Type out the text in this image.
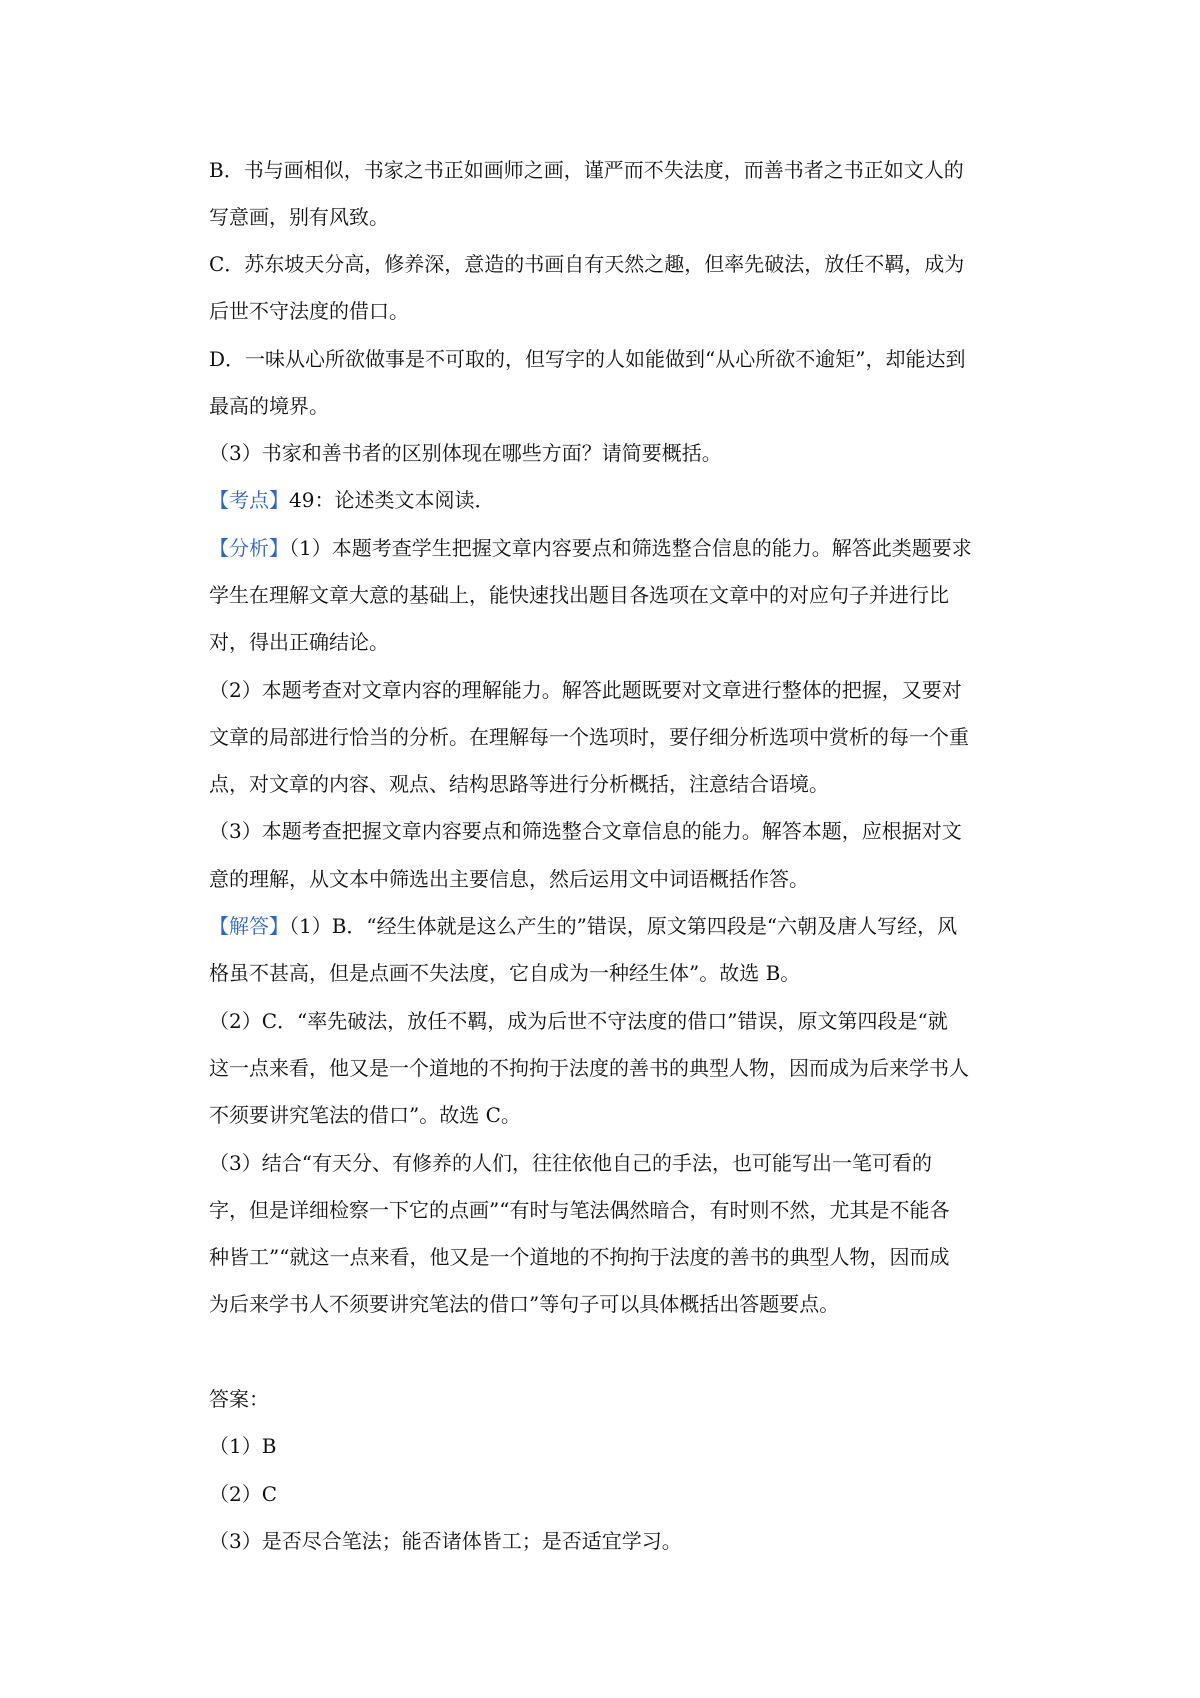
B．书与画相似，书家之书正如画师之画，谨严而不失法度，而善书者之书正如文人的
写意画，别有风致。
C．苏东坡天分高，修养深，意造的书画自有天然之趣，但率先破法，放任不羁，成为
后世不守法度的借口。
D．一味从心所欲做事是不可取的，但写字的人如能做到“从心所欲不逾矩”，却能达到
最高的境界。
（3）书家和善书者的区别体现在哪些方面？请简要概括。
【考点】49：论述类文本阅读．
【分析】（1）本题考查学生把握文章内容要点和筛选整合信息的能力。解答此类题要求
学生在理解文章大意的基础上，能快速找出题目各选项在文章中的对应句子并进行比
对，得出正确结论。
（2）本题考查对文章内容的理解能力。解答此题既要对文章进行整体的把握，又要对
文章的局部进行恰当的分析。在理解每一个选项时，要仔细分析选项中赏析的每一个重
点，对文章的内容、观点、结构思路等进行分析概括，注意结合语境。
（3）本题考查把握文章内容要点和筛选整合文章信息的能力。解答本题，应根据对文
意的理解，从文本中筛选出主要信息，然后运用文中词语概括作答。
【解答】（1）B．“经生体就是这么产生的”错误，原文第四段是“六朝及唐人写经，风
格虽不甚高，但是点画不失法度，它自成为一种经生体”。故选 B。
（2）C．“率先破法，放任不羁，成为后世不守法度的借口”错误，原文第四段是“就
这一点来看，他又是一个道地的不拘拘于法度的善书的典型人物，因而成为后来学书人
不须要讲究笔法的借口”。故选 C。
（3）结合“有天分、有修养的人们，往往依他自己的手法，也可能写出一笔可看的
字，但是详细检察一下它的点画”“有时与笔法偶然暗合，有时则不然，尤其是不能各
种皆工”“就这一点来看，他又是一个道地的不拘拘于法度的善书的典型人物，因而成
为后来学书人不须要讲究笔法的借口”等句子可以具体概括出答题要点。
答案：
（1）B
（2）C
（3）是否尽合笔法；能否诸体皆工；是否适宜学习。
